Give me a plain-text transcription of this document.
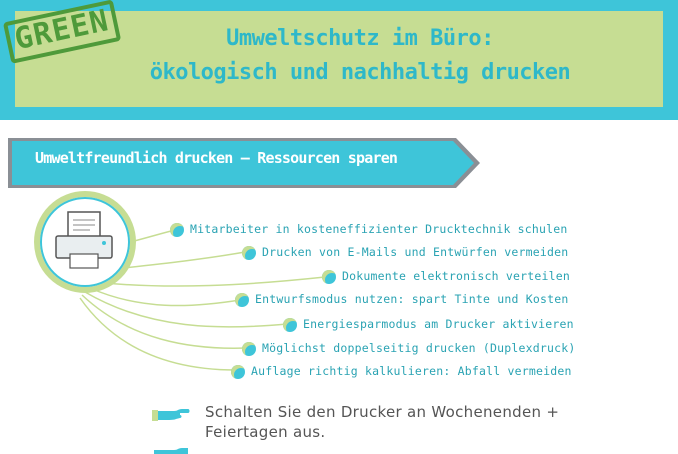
GREEN	Umweltschutz im Büro:
ökologisch und nachhaltig drucken
Umweltfreundlich drucken – Ressourcen sparen
Mitarbeiter in kosteneffizienter Drucktechnik schulen
Drucken von E-Mails und Entwürfen vermeiden
Dokumente elektronisch verteilen
Entwurfsmodus nutzen: spart Tinte und Kosten
Energiesparmodus am Drucker aktivieren
Möglichst doppelseitig drucken (Duplexdruck)
Auflage richtig kalkulieren: Abfall vermeiden
Schalten Sie den Drucker an Wochenenden + Feiertagen aus.
